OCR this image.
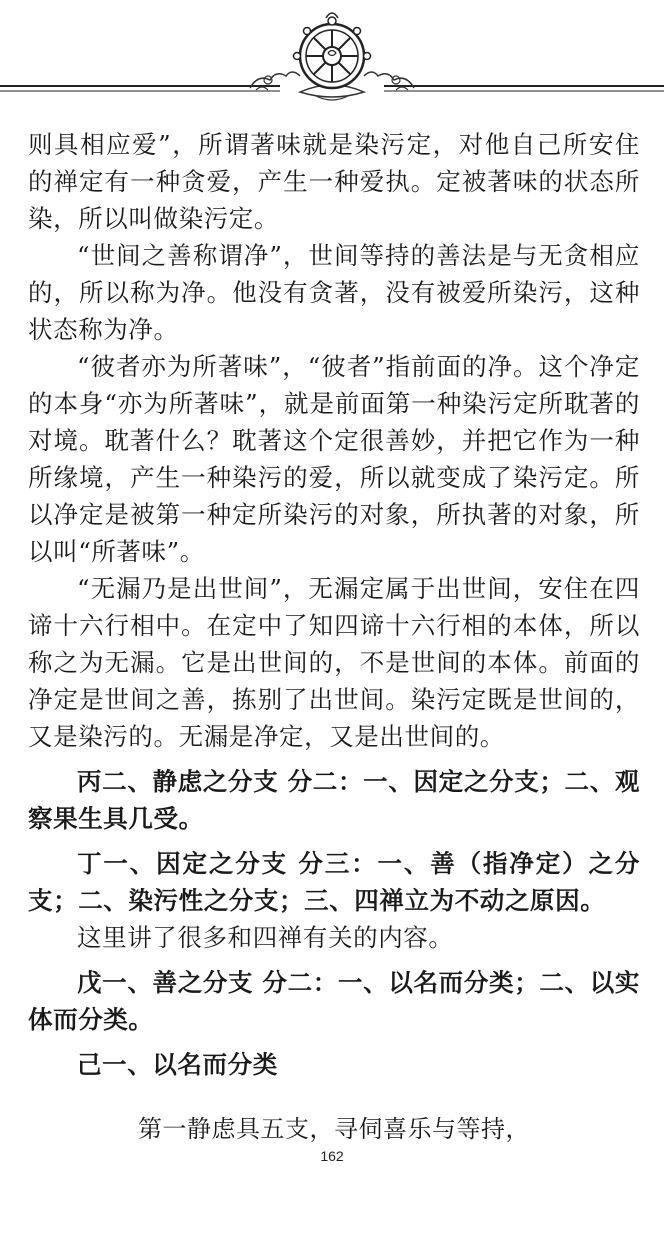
则具相应爱”，所谓著味就是染污定，对他自己所安住的禅定有一种贪爱，产生一种爱执。定被著味的状态所染，所以叫做染污定。

“世间之善称谓净”，世间等持的善法是与无贪相应的，所以称为净。他没有贪著，没有被爱所染污，这种状态称为净。

“彼者亦为所著味”，“彼者”指前面的净。这个净定的本身“亦为所著味”，就是前面第一种染污定所耽著的对境。耽著什么？耽著这个定很善妙，并把它作为一种所缘境，产生一种染污的爱，所以就变成了染污定。所以净定是被第一种定所染污的对象，所执著的对象，所以叫“所著味”。

“无漏乃是出世间”，无漏定属于出世间，安住在四谛十六行相中。在定中了知四谛十六行相的本体，所以称之为无漏。它是出世间的，不是世间的本体。前面的净定是世间之善，拣别了出世间。染污定既是世间的，又是染污的。无漏是净定，又是出世间的。

丙二、静虑之分支 分二：一、因定之分支；二、观察果生具几受。

丁一、因定之分支 分三：一、善（指净定）之分支；二、染污性之分支；三、四禅立为不动之原因。

这里讲了很多和四禅有关的内容。

戊一、善之分支 分二：一、以名而分类；二、以实体而分类。

己一、以名而分类

第一静虑具五支，寻伺喜乐与等持，

162
